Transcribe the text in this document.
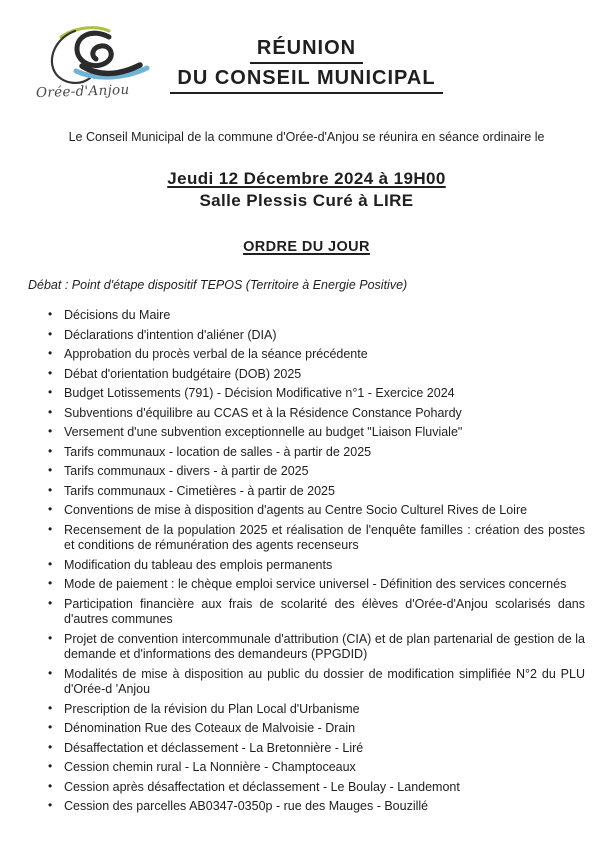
Orée-d'Anjou
RÉUNION
DU CONSEIL MUNICIPAL
Le Conseil Municipal de la commune d'Orée-d'Anjou se réunira en séance ordinaire le
Jeudi 12 Décembre 2024 à 19H00
Salle Plessis Curé à LIRE
ORDRE DU JOUR
Débat : Point d'étape dispositif TEPOS (Territoire à Energie Positive)
• Décisions du Maire
• Déclarations d'intention d'aliéner (DIA)
• Approbation du procès verbal de la séance précédente
• Débat d'orientation budgétaire (DOB) 2025
• Budget Lotissements (791) - Décision Modificative n°1 - Exercice 2024
• Subventions d'équilibre au CCAS et à la Résidence Constance Pohardy
• Versement d'une subvention exceptionnelle au budget "Liaison Fluviale"
• Tarifs communaux - location de salles - à partir de 2025
• Tarifs communaux - divers - à partir de 2025
• Tarifs communaux - Cimetières - à partir de 2025
• Conventions de mise à disposition d'agents au Centre Socio Culturel Rives de Loire
• Recensement de la population 2025 et réalisation de l'enquête familles : création des postes et conditions de rémunération des agents recenseurs
• Modification du tableau des emplois permanents
• Mode de paiement : le chèque emploi service universel - Définition des services concernés
• Participation financière aux frais de scolarité des élèves d'Orée-d'Anjou scolarisés dans d'autres communes
• Projet de convention intercommunale d'attribution (CIA) et de plan partenarial de gestion de la demande et d'informations des demandeurs (PPGDID)
• Modalités de mise à disposition au public du dossier de modification simplifiée N°2 du PLU d'Orée-d 'Anjou
• Prescription de la révision du Plan Local d'Urbanisme
• Dénomination Rue des Coteaux de Malvoisie - Drain
• Désaffectation et déclassement - La Bretonnière - Liré
• Cession chemin rural - La Nonnière - Champtoceaux
• Cession après désaffectation et déclassement - Le Boulay - Landemont
• Cession des parcelles AB0347-0350p - rue des Mauges - Bouzillé
